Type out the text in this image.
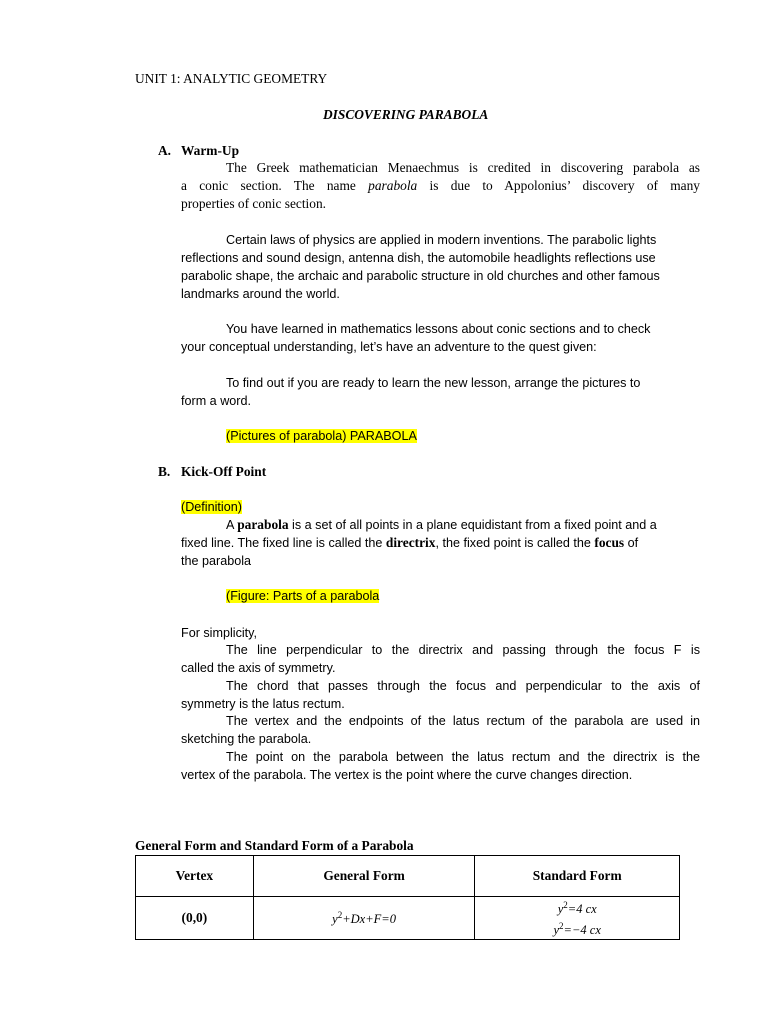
UNIT 1: ANALYTIC GEOMETRY
DISCOVERING PARABOLA
A. Warm-Up
The Greek mathematician Menaechmus is credited in discovering parabola as
a conic section. The name parabola is due to Appolonius’ discovery of many
properties of conic section.
Certain laws of physics are applied in modern inventions. The parabolic lights
reflections and sound design, antenna dish, the automobile headlights reflections use
parabolic shape, the archaic and parabolic structure in old churches and other famous
landmarks around the world.
You have learned in mathematics lessons about conic sections and to check
your conceptual understanding, let’s have an adventure to the quest given:
To find out if you are ready to learn the new lesson, arrange the pictures to
form a word.
(Pictures of parabola) PARABOLA
B. Kick-Off Point
(Definition)
A parabola is a set of all points in a plane equidistant from a fixed point and a
fixed line. The fixed line is called the directrix, the fixed point is called the focus of
the parabola
(Figure: Parts of a parabola
For simplicity,
The line perpendicular to the directrix and passing through the focus F is
called the axis of symmetry.
The chord that passes through the focus and perpendicular to the axis of
symmetry is the latus rectum.
The vertex and the endpoints of the latus rectum of the parabola are used in
sketching the parabola.
The point on the parabola between the latus rectum and the directrix is the
vertex of the parabola. The vertex is the point where the curve changes direction.
General Form and Standard Form of a Parabola
Vertex	General Form	Standard Form
(0,0)	$y^2+Dx+F=0$	$y^2=4$ cx
$y^2=-4$ cx
